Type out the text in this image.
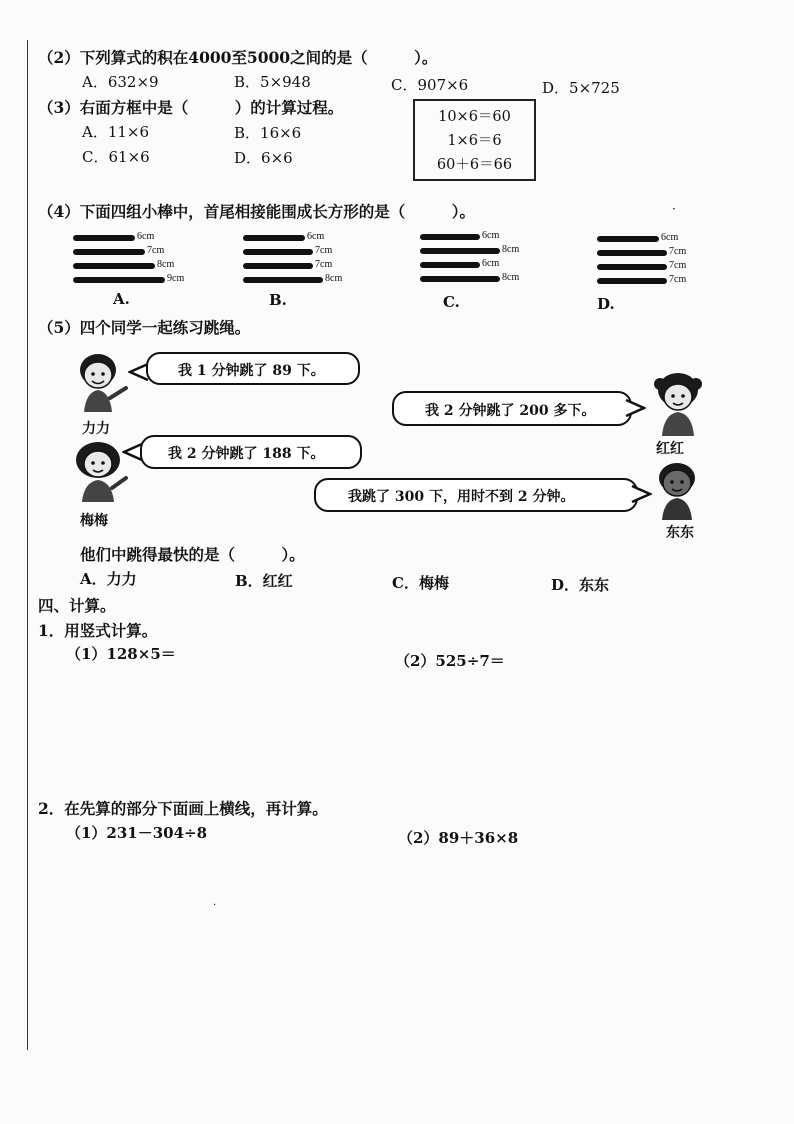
（2）下列算式的积在4000至5000之间的是（　　　）。
A．632×9	B．5×948	C．907×6	D．5×725
（3）右面方框中是（　　　）的计算过程。
A．11×6	B．16×6
C．61×6	D．6×6
10×6＝60
1×6＝6
60＋6＝66
（4）下面四组小棒中，首尾相接能围成长方形的是（　　　）。	·
6cm
7cm
8cm
9cm
A.
6cm
7cm
7cm
8cm
B.
6cm
8cm
6cm
8cm
C.
6cm
7cm
7cm
7cm
D.
（5）四个同学一起练习跳绳。
力力
我 1 分钟跳了 89 下。
红红
我 2 分钟跳了 200 多下。
梅梅
我 2 分钟跳了 188 下。
东东
我跳了 300 下，用时不到 2 分钟。
他们中跳得最快的是（　　　）。
A．力力	B．红红	C．梅梅	D．东东
四、计算。
1．用竖式计算。
（1）128×5＝	（2）525÷7＝
2．在先算的部分下面画上横线，再计算。
（1）231－304÷8	（2）89＋36×8
·
